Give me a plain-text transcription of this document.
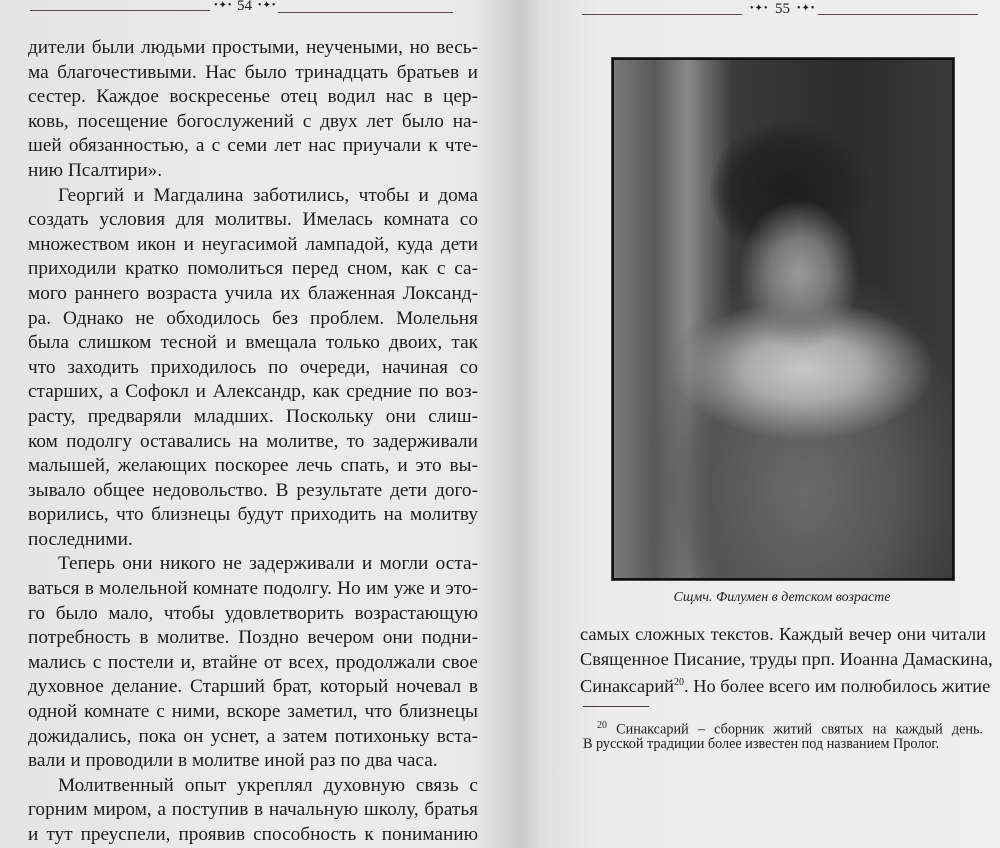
•✦• 54 •✦•
дители были людьми простыми, неучеными, но весь-
ма благочестивыми. Нас было тринадцать братьев и
сестер. Каждое воскресенье отец водил нас в цер-
ковь, посещение богослужений с двух лет было на-
шей обязанностью, а с семи лет нас приучали к чте-
нию Псалтири».
Георгий и Магдалина заботились, чтобы и дома
создать условия для молитвы. Имелась комната со
множеством икон и неугасимой лампадой, куда дети
приходили кратко помолиться перед сном, как с са-
мого раннего возраста учила их блаженная Локсанд-
ра. Однако не обходилось без проблем. Молельня
была слишком тесной и вмещала только двоих, так
что заходить приходилось по очереди, начиная со
старших, а Софокл и Александр, как средние по воз-
расту, предваряли младших. Поскольку они слиш-
ком подолгу оставались на молитве, то задерживали
малышей, желающих поскорее лечь спать, и это вы-
зывало общее недовольство. В результате дети дого-
ворились, что близнецы будут приходить на молитву
последними.
Теперь они никого не задерживали и могли оста-
ваться в молельной комнате подолгу. Но им уже и это-
го было мало, чтобы удовлетворить возрастающую
потребность в молитве. Поздно вечером они подни-
мались с постели и, втайне от всех, продолжали свое
духовное делание. Старший брат, который ночевал в
одной комнате с ними, вскоре заметил, что близнецы
дожидались, пока он уснет, а затем потихоньку вста-
вали и проводили в молитве иной раз по два часа.
Молитвенный опыт укреплял духовную связь с
горним миром, а поступив в начальную школу, братья
и тут преуспели, проявив способность к пониманию
•✦• 55 •✦•
Сщмч. Филумен в детском возрасте
самых сложных текстов. Каждый вечер они читали
Священное Писание, труды прп. Иоанна Дамаскина,
Синаксарий$^{20}$. Но более всего им полюбилось житие
$^{20}$ Синаксарий – сборник житий святых на каждый день.
В русской традиции более известен под названием Пролог.
